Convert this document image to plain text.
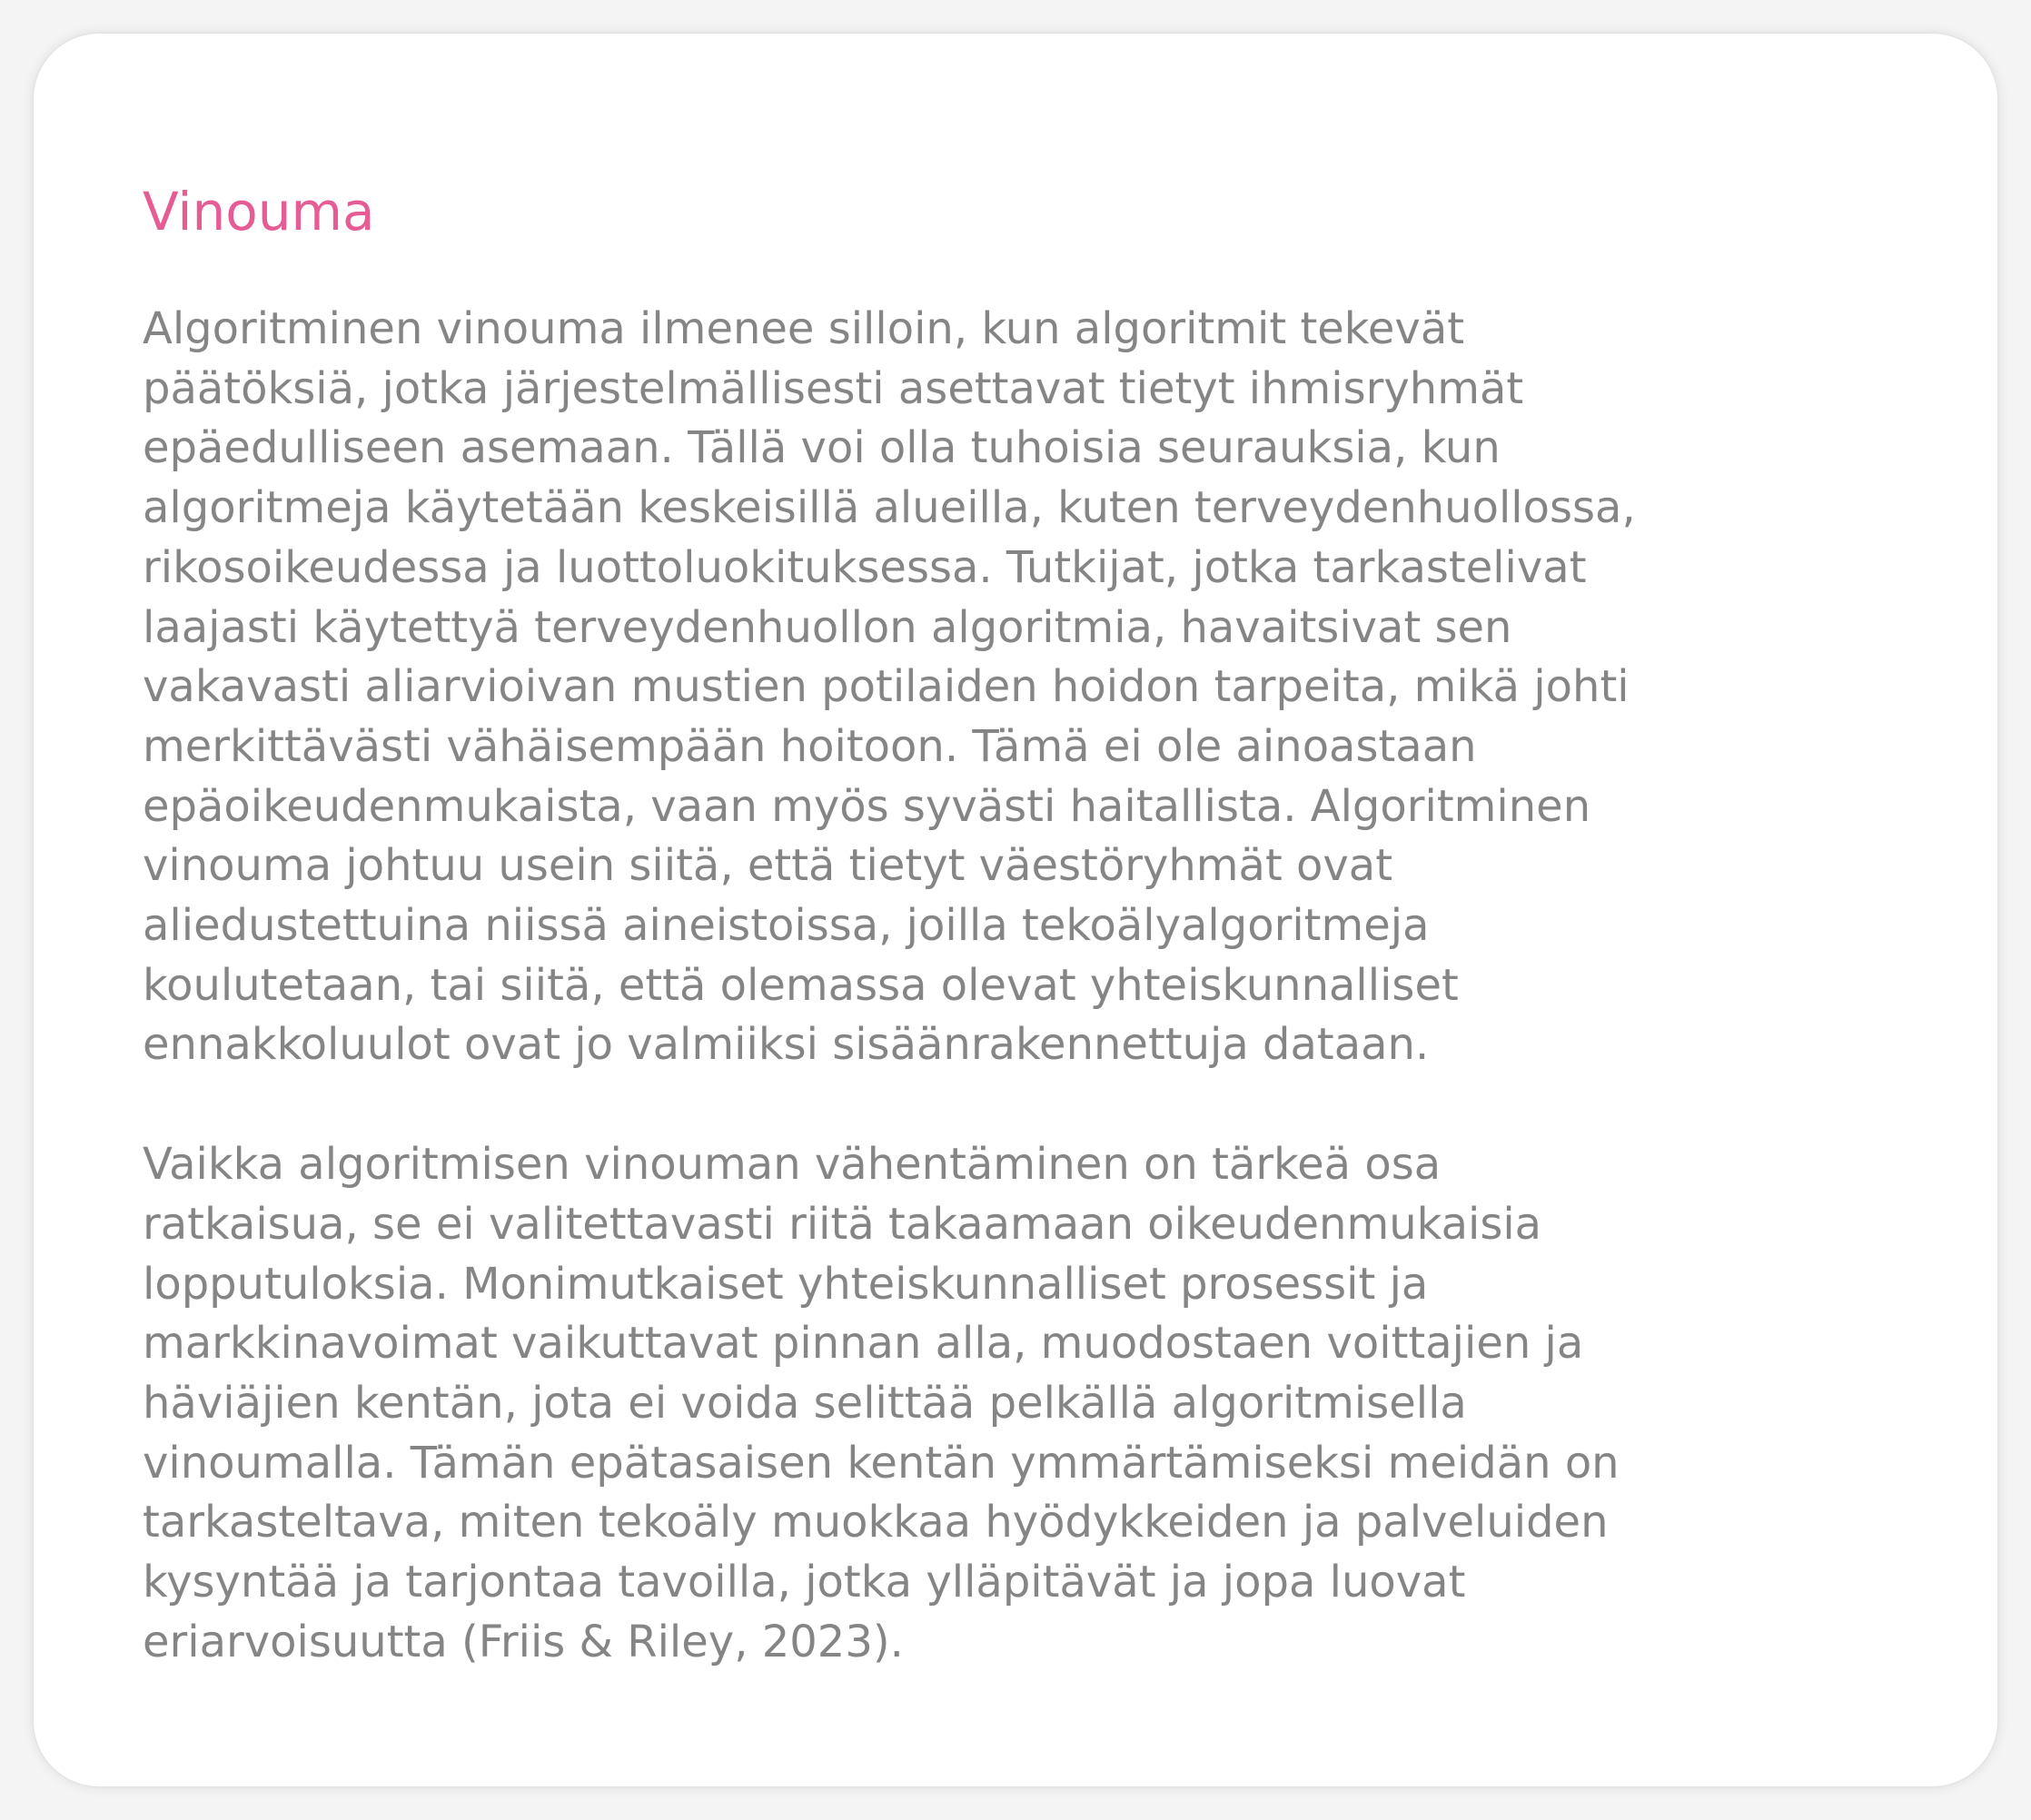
Vinouma

Algoritminen vinouma ilmenee silloin, kun algoritmit tekevät
päätöksiä, jotka järjestelmällisesti asettavat tietyt ihmisryhmät
epäedulliseen asemaan. Tällä voi olla tuhoisia seurauksia, kun
algoritmeja käytetään keskeisillä alueilla, kuten terveydenhuollossa,
rikosoikeudessa ja luottoluokituksessa. Tutkijat, jotka tarkastelivat
laajasti käytettyä terveydenhuollon algoritmia, havaitsivat sen
vakavasti aliarvioivan mustien potilaiden hoidon tarpeita, mikä johti
merkittävästi vähäisempään hoitoon. Tämä ei ole ainoastaan
epäoikeudenmukaista, vaan myös syvästi haitallista. Algoritminen
vinouma johtuu usein siitä, että tietyt väestöryhmät ovat
aliedustettuina niissä aineistoissa, joilla tekoälyalgoritmeja
koulutetaan, tai siitä, että olemassa olevat yhteiskunnalliset
ennakkoluulot ovat jo valmiiksi sisäänrakennettuja dataan.

Vaikka algoritmisen vinouman vähentäminen on tärkeä osa
ratkaisua, se ei valitettavasti riitä takaamaan oikeudenmukaisia
lopputuloksia. Monimutkaiset yhteiskunnalliset prosessit ja
markkinavoimat vaikuttavat pinnan alla, muodostaen voittajien ja
häviäjien kentän, jota ei voida selittää pelkällä algoritmisella
vinoumalla. Tämän epätasaisen kentän ymmärtämiseksi meidän on
tarkasteltava, miten tekoäly muokkaa hyödykkeiden ja palveluiden
kysyntää ja tarjontaa tavoilla, jotka ylläpitävät ja jopa luovat
eriarvoisuutta (Friis & Riley, 2023).
